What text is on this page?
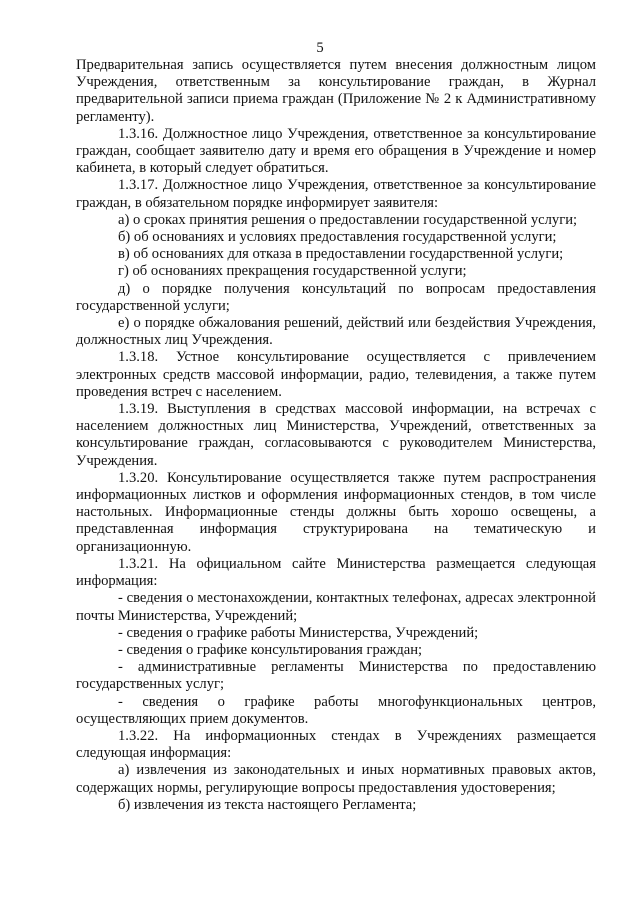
5

Предварительная запись осуществляется путем внесения должностным лицом Учреждения, ответственным за консультирование граждан, в Журнал предварительной записи приема граждан (Приложение № 2 к Административному регламенту).

1.3.16. Должностное лицо Учреждения, ответственное за консультирование граждан, сообщает заявителю дату и время его обращения в Учреждение и номер кабинета, в который следует обратиться.

1.3.17. Должностное лицо Учреждения, ответственное за консультирование граждан, в обязательном порядке информирует заявителя:

а) о сроках принятия решения о предоставлении государственной услуги;

б) об основаниях и условиях предоставления государственной услуги;

в) об основаниях для отказа в предоставлении государственной услуги;

г) об основаниях прекращения государственной услуги;

д) о порядке получения консультаций по вопросам предоставления государственной услуги;

е) о порядке обжалования решений, действий или бездействия Учреждения, должностных лиц Учреждения.

1.3.18. Устное консультирование осуществляется с привлечением электронных средств массовой информации, радио, телевидения, а также путем проведения встреч с населением.

1.3.19. Выступления в средствах массовой информации, на встречах с населением должностных лиц Министерства, Учреждений, ответственных за консультирование граждан, согласовываются с руководителем Министерства, Учреждения.

1.3.20. Консультирование осуществляется также путем распространения информационных листков и оформления информационных стендов, в том числе настольных. Информационные стенды должны быть хорошо освещены, а представленная информация структурирована на тематическую и организационную.

1.3.21. На официальном сайте Министерства размещается следующая информация:

- сведения о местонахождении, контактных телефонах, адресах электронной почты Министерства, Учреждений;

- сведения о графике работы Министерства, Учреждений;

- сведения о графике консультирования граждан;

- административные регламенты Министерства по предоставлению государственных услуг;

- сведения о графике работы многофункциональных центров, осуществляющих прием документов.

1.3.22. На информационных стендах в Учреждениях размещается следующая информация:

а) извлечения из законодательных и иных нормативных правовых актов, содержащих нормы, регулирующие вопросы предоставления удостоверения;

б) извлечения из текста настоящего Регламента;
